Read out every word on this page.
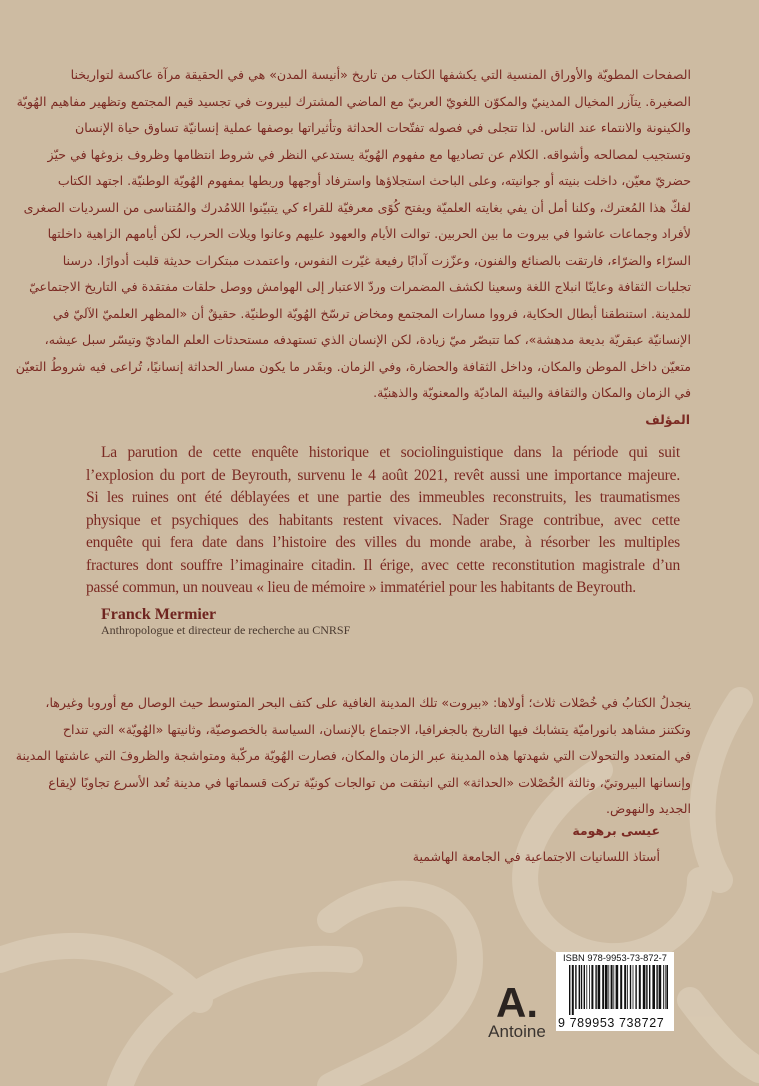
الصفحات المطويّة والأوراق المنسية التي يكشفها الكتاب من تاريخ «أنيسة المدن» هي في الحقيقة مرآة عاكسة لتواريخنا
الصغيرة. يتآزر المخيال المدينيّ والمكوّن اللغويّ العربيّ مع الماضي المشترك لبيروت في تجسيد قيم المجتمع وتظهير مفاهيم الهُويّة
والكينونة والانتماء عند الناس. لذا تتجلى في فصوله تفتّحات الحداثة وتأثيراتها بوصفها عملية إنسانيّة تساوق حياة الإنسان
وتستجيب لمصالحه وأشواقه. الكلام عن تصاديها مع مفهوم الهُويّة يستدعي النظر في شروط انتظامها وظروف بزوغها في حيّز
حضريّ معيّن، داخلت بنيته أو جوانيته، وعلى الباحث استجلاؤها واسترفاد أوجهها وربطها بمفهوم الهُويّة الوطنيّة. اجتهد الكتاب
لفكّ هذا المُعترك، وكلنا أمل أن يفي بغايته العلميّة ويفتح كُوًى معرفيّة للقراء كي يتبيّنوا اللامُدرك والمُتناسى من السرديات الصغرى
لأفراد وجماعات عاشوا في بيروت ما بين الحربين. توالت الأيام والعهود عليهم وعانوا ويلات الحرب، لكن أيامهم الزاهية داخلتها
السرّاء والضرّاء، فارتقت بالصنائع والفنون، وعزّزت آدابًا رفيعة غيّرت النفوس، واعتمدت مبتكرات حديثة قلبت أدوارًا. درسنا
تجليات الثقافة وعاينّا انبلاج اللغة وسعينا لكشف المضمرات وردّ الاعتبار إلى الهوامش ووصل حلقات مفتقدة في التاريخ الاجتماعيّ
للمدينة. استنطقنا أبطال الحكاية، فرووا مسارات المجتمع ومخاض ترسّخ الهُويّة الوطنيّة. حقيقٌ أن «المظهر العلميّ الآليّ في
الإنسانيّة عبقريّة بديعة مدهشة»، كما تتبصّر ميّ زيادة، لكن الإنسان الذي تستهدفه مستحدثات العلم الماديّ وتيسّر سبل عيشه،
متعيّن داخل الموطن والمكان، وداخل الثقافة والحضارة، وفي الزمان. وبقَدر ما يكون مسار الحداثة إنسانيًا، تُراعى فيه شروطُ التعيّن
في الزمان والمكان والثقافة والبيئة الماديّة والمعنويّة والذهنيّة.
المؤلف
La parution de cette enquête historique et sociolinguistique dans la période qui suit
l’explosion du port de Beyrouth, survenu le 4 août 2021, revêt aussi une importance majeure.
Si les ruines ont été déblayées et une partie des immeubles reconstruits, les traumatismes
physique et psychiques des habitants restent vivaces. Nader Srage contribue, avec cette
enquête qui fera date dans l’histoire des villes du monde arabe, à résorber les multiples
fractures dont souffre l’imaginaire citadin. Il érige, avec cette reconstitution magistrale d’un
passé commun, un nouveau « lieu de mémoire » immatériel pour les habitants de Beyrouth.
Franck Mermier
Anthropologue et directeur de recherche au CNRSF
ينجدلُ الكتابُ في خُصْلات ثلاث؛ أولاها: «بيروت» تلك المدينة الغافية على كتف البحر المتوسط حيث الوصال مع أوروبا وغيرها،
وتكتنز مشاهد بانوراميّة يتشابك فيها التاريخ بالجغرافيا، الاجتماع بالإنسان، السياسة بالخصوصيّة، وثانيتها «الهُويّة» التي تنداح
في المتعدد والتحولات التي شهدتها هذه المدينة عبر الزمان والمكان، فصارت الهُويّة مركّبة ومتواشجة والظروفَ التي عاشتها المدينة
وإنسانها البيروتيّ، وثالثة الخُصْلات «الحداثة» التي انبثقت من توالجات كونيّة تركت قسماتها في مدينة تُعد الأسرع تجاوبًا لإيقاع
الجديد والنهوض.
عيسى برهومة
أستاذ اللسانيات الاجتماعية في الجامعة الهاشمية
A.
Antoine
ISBN 978-9953-73-872-7
9 789953 738727
